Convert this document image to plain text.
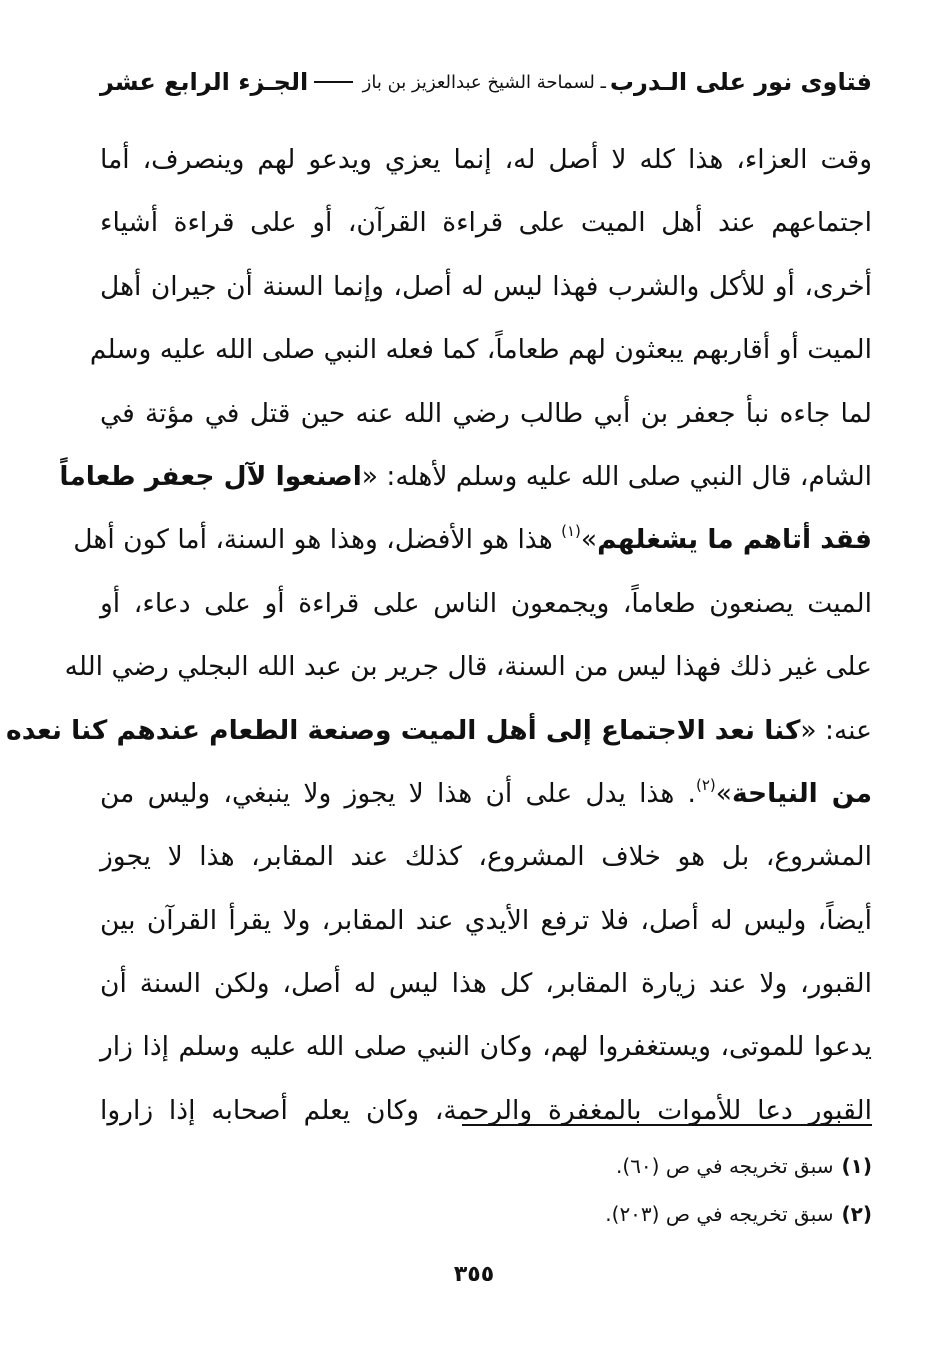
فتاوى نور على الـدرب
ـ لسماحة الشيخ عبدالعزيز بن باز
الجـزء الرابع عشر
وقت العزاء، هذا كله لا أصل له، إنما يعزي ويدعو لهم وينصرف، أما
اجتماعهم عند أهل الميت على قراءة القرآن، أو على قراءة أشياء
أخرى، أو للأكل والشرب فهذا ليس له أصل، وإنما السنة أن جيران أهل
الميت أو أقاربهم يبعثون لهم طعاماً، كما فعله النبي صلى الله عليه وسلم
لما جاءه نبأ جعفر بن أبي طالب رضي الله عنه حين قتل في مؤتة في
الشام، قال النبي صلى الله عليه وسلم لأهله: «اصنعوا لآل جعفر طعاماً
فقد أتاهم ما يشغلهم»$^{(١)}$ هذا هو الأفضل، وهذا هو السنة، أما كون أهل
الميت يصنعون طعاماً، ويجمعون الناس على قراءة أو على دعاء، أو
على غير ذلك فهذا ليس من السنة، قال جرير بن عبد الله البجلي رضي الله
عنه: «كنا نعد الاجتماع إلى أهل الميت وصنعة الطعام عندهم كنا نعده
من النياحة»$^{(٢)}$. هذا يدل على أن هذا لا يجوز ولا ينبغي، وليس من
المشروع، بل هو خلاف المشروع، كذلك عند المقابر، هذا لا يجوز
أيضاً، وليس له أصل، فلا ترفع الأيدي عند المقابر، ولا يقرأ القرآن بين
القبور، ولا عند زيارة المقابر، كل هذا ليس له أصل، ولكن السنة أن
يدعوا للموتى، ويستغفروا لهم، وكان النبي صلى الله عليه وسلم إذا زار
القبور دعا للأموات بالمغفرة والرحمة، وكان يعلم أصحابه إذا زاروا
(١)سبق تخريجه في ص (٦٠).
(٢)سبق تخريجه في ص (٢٠٣).
٣٥٥
